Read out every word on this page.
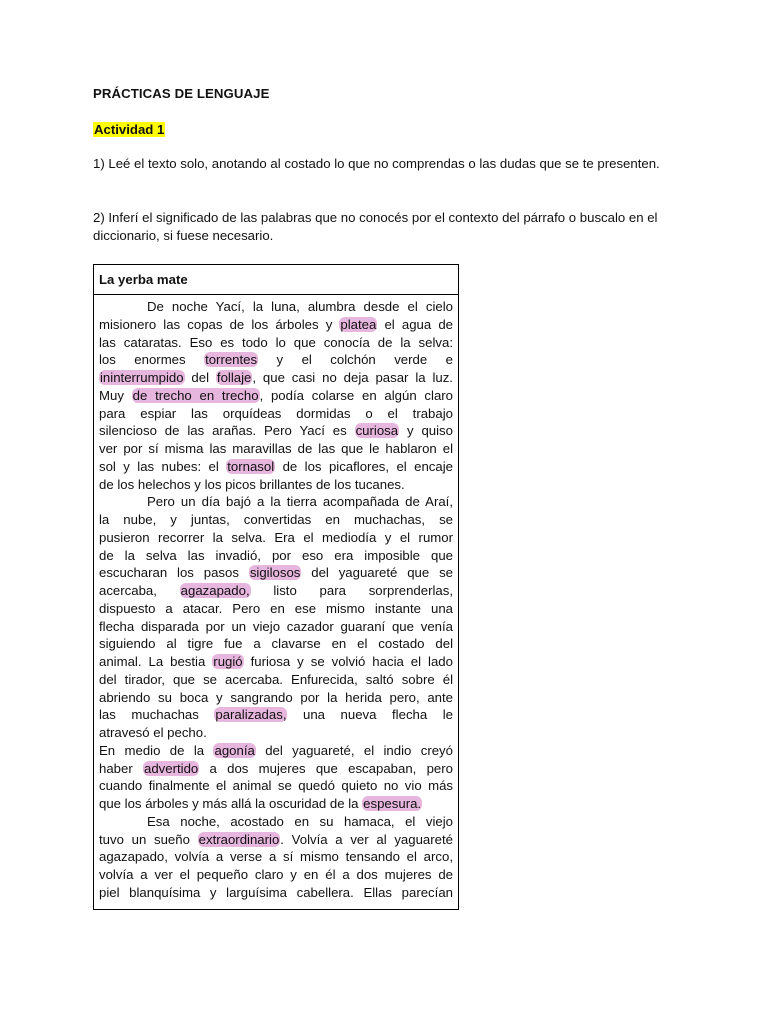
PRÁCTICAS DE LENGUAJE
Actividad 1
1) Leé el texto solo, anotando al costado lo que no comprendas o las dudas que se te presenten.
2) Inferí el significado de las palabras que no conocés por el contexto del párrafo o buscalo en el diccionario, si fuese necesario.
La yerba mate
De noche Yací, la luna, alumbra desde el cielo
misionero las copas de los árboles y platea el agua de
las cataratas. Eso es todo lo que conocía de la selva:
los enormes torrentes y el colchón verde e
ininterrumpido del follaje, que casi no deja pasar la luz.
Muy de trecho en trecho, podía colarse en algún claro
para espiar las orquídeas dormidas o el trabajo
silencioso de las arañas. Pero Yací es curiosa y quiso
ver por sí misma las maravillas de las que le hablaron el
sol y las nubes: el tornasol de los picaflores, el encaje
de los helechos y los picos brillantes de los tucanes.
Pero un día bajó a la tierra acompañada de Araí,
la nube, y juntas, convertidas en muchachas, se
pusieron recorrer la selva. Era el mediodía y el rumor
de la selva las invadió, por eso era imposible que
escucharan los pasos sigilosos del yaguareté que se
acercaba, agazapado, listo para sorprenderlas,
dispuesto a atacar. Pero en ese mismo instante una
flecha disparada por un viejo cazador guaraní que venía
siguiendo al tigre fue a clavarse en el costado del
animal. La bestia rugió furiosa y se volvió hacia el lado
del tirador, que se acercaba. Enfurecida, saltó sobre él
abriendo su boca y sangrando por la herida pero, ante
las muchachas paralizadas, una nueva flecha le
atravesó el pecho.
En medio de la agonía del yaguareté, el indio creyó
haber advertido a dos mujeres que escapaban, pero
cuando finalmente el animal se quedó quieto no vio más
que los árboles y más allá la oscuridad de la espesura.
Esa noche, acostado en su hamaca, el viejo
tuvo un sueño extraordinario. Volvía a ver al yaguareté
agazapado, volvía a verse a sí mismo tensando el arco,
volvía a ver el pequeño claro y en él a dos mujeres de
piel blanquísima y larguísima cabellera. Ellas parecían
